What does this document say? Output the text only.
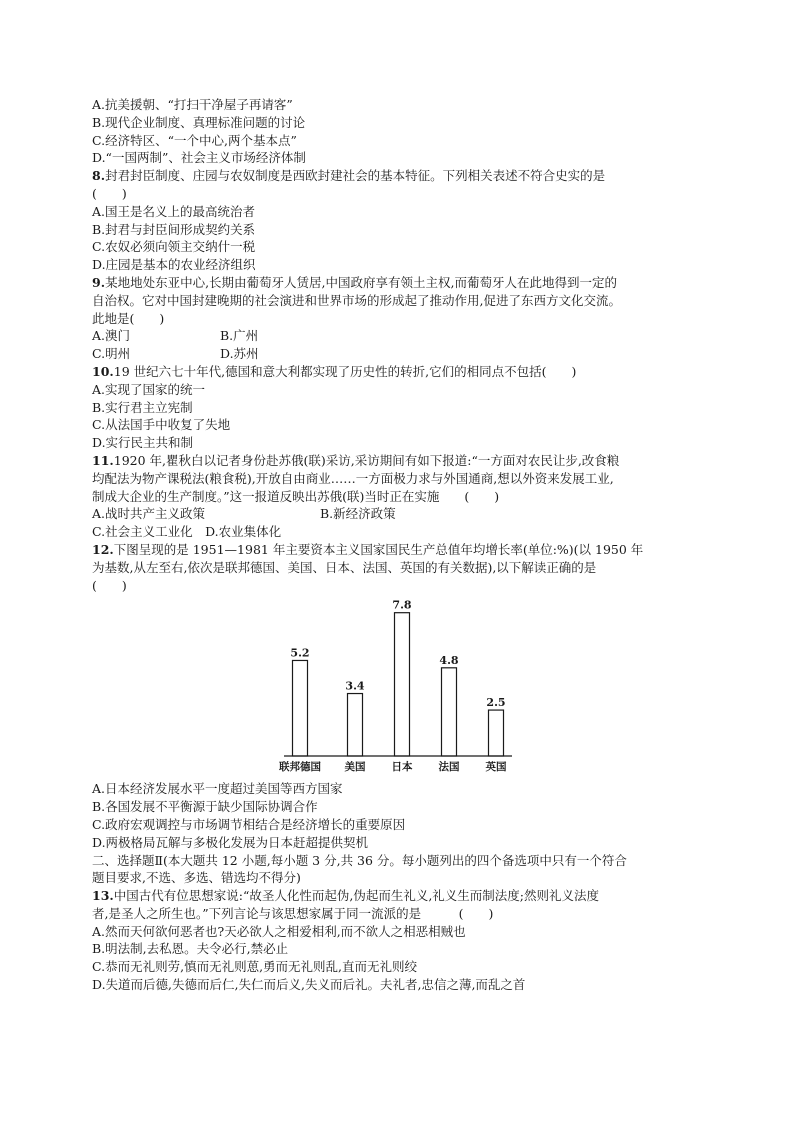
A.抗美援朝、“打扫干净屋子再请客”
B.现代企业制度、真理标准问题的讨论
C.经济特区、“一个中心,两个基本点”
D.“一国两制”、社会主义市场经济体制
8.封君封臣制度、庄园与农奴制度是西欧封建社会的基本特征。下列相关表述不符合史实的是
(　　)
A.国王是名义上的最高统治者
B.封君与封臣间形成契约关系
C.农奴必须向领主交纳什一税
D.庄园是基本的农业经济组织
9.某地地处东亚中心,长期由葡萄牙人赁居,中国政府享有领土主权,而葡萄牙人在此地得到一定的
自治权。它对中国封建晚期的社会演进和世界市场的形成起了推动作用,促进了东西方文化交流。
此地是(　　)
A.澳门	B.广州
C.明州	D.苏州
10.19 世纪六七十年代,德国和意大利都实现了历史性的转折,它们的相同点不包括(　　)
A.实现了国家的统一
B.实行君主立宪制
C.从法国手中收复了失地
D.实行民主共和制
11.1920 年,瞿秋白以记者身份赴苏俄(联)采访,采访期间有如下报道:“一方面对农民让步,改食粮
均配法为物产课税法(粮食税),开放自由商业……一方面极力求与外国通商,想以外资来发展工业,
制成大企业的生产制度。”这一报道反映出苏俄(联)当时正在实施　　(　　)
A.战时共产主义政策	B.新经济政策
C.社会主义工业化　D.农业集体化
12.下图呈现的是 1951—1981 年主要资本主义国家国民生产总值年均增长率(单位:%)(以 1950 年
为基数,从左至右,依次是联邦德国、美国、日本、法国、英国的有关数据),以下解读正确的是
(　　)
5.2
联邦德国
3.4
美国
7.8
日本
4.8
法国
2.5
英国
A.日本经济发展水平一度超过美国等西方国家
B.各国发展不平衡源于缺少国际协调合作
C.政府宏观调控与市场调节相结合是经济增长的重要原因
D.两极格局瓦解与多极化发展为日本赶超提供契机
二、选择题Ⅱ(本大题共 12 小题,每小题 3 分,共 36 分。每小题列出的四个备选项中只有一个符合
题目要求,不选、多选、错选均不得分)
13.中国古代有位思想家说:“故圣人化性而起伪,伪起而生礼义,礼义生而制法度;然则礼义法度
者,是圣人之所生也。”下列言论与该思想家属于同一流派的是　　　(　　)
A.然而天何欲何恶者也?天必欲人之相爱相利,而不欲人之相恶相贼也
B.明法制,去私恩。夫令必行,禁必止
C.恭而无礼则劳,慎而无礼则葸,勇而无礼则乱,直而无礼则绞
D.失道而后德,失德而后仁,失仁而后义,失义而后礼。夫礼者,忠信之薄,而乱之首
